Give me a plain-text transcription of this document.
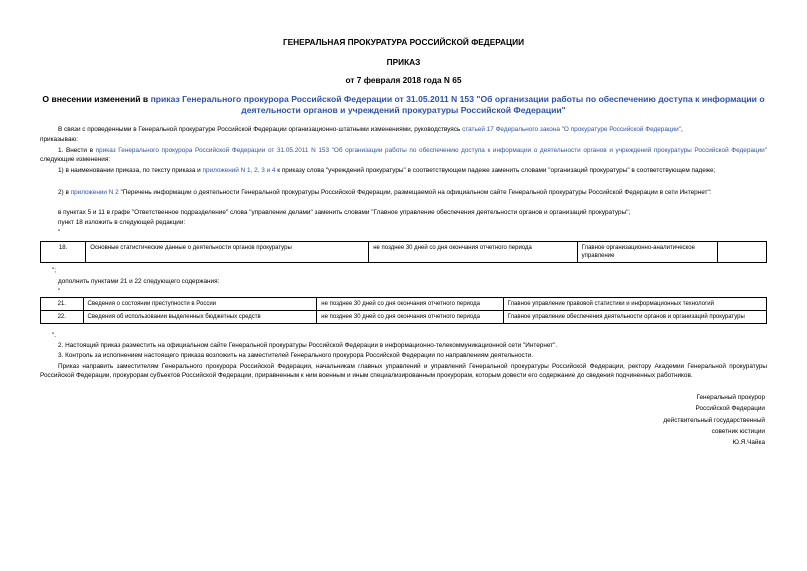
ГЕНЕРАЛЬНАЯ ПРОКУРАТУРА РОССИЙСКОЙ ФЕДЕРАЦИИ
ПРИКАЗ
от 7 февраля 2018 года N 65
О внесении изменений в приказ Генерального прокурора Российской Федерации от 31.05.2011 N 153 "Об организации работы по обеспечению доступа к информации о деятельности органов и учреждений прокуратуры Российской Федерации"
В связи с проведенными в Генеральной прокуратуре Российской Федерации организационно-штатными изменениями, руководствуясь статьей 17 Федерального закона "О прокуратуре Российской Федерации",
приказываю:
1. Внести в приказ Генерального прокурора Российской Федерации от 31.05.2011 N 153 "Об организации работы по обеспечению доступа к информации о деятельности органов и учреждений прокуратуры Российской Федерации" следующие изменения:
1) в наименовании приказа, по тексту приказа и приложений N 1, 2, 3 и 4 к приказу слова "учреждений прокуратуры" в соответствующем падеже заменить словами "организаций прокуратуры" в соответствующем падеже;
2) в приложении N 2 "Перечень информации о деятельности Генеральной прокуратуры Российской Федерации, размещаемой на официальном сайте Генеральной прокуратуры Российской Федерации в сети Интернет":
в пунктах 5 и 11 в графе "Ответственное подразделение" слова "управление делами" заменить словами "Главное управление обеспечения деятельности органов и организаций прокуратуры";
пункт 18 изложить в следующей редакции:
"
18.	Основные статистические данные о деятельности органов прокуратуры	не позднее 30 дней со дня окончания отчетного периода	Главное организационно-аналитическое управление	
";
дополнить пунктами 21 и 22 следующего содержания:
"
21.	Сведения о состоянии преступности в России	не позднее 30 дней со дня окончания отчетного периода	Главное управление правовой статистики и информационных технологий
22.	Сведения об использовании выделенных бюджетных средств	не позднее 30 дней со дня окончания отчетного периода	Главное управление обеспечения деятельности органов и организаций прокуратуры
".
2. Настоящий приказ разместить на официальном сайте Генеральной прокуратуры Российской Федерации в информационно-телекоммуникационной сети "Интернет".
3. Контроль за исполнением настоящего приказа возложить на заместителей Генерального прокурора Российской Федерации по направлениям деятельности.
Приказ направить заместителям Генерального прокурора Российской Федерации, начальникам главных управлений и управлений Генеральной прокуратуры Российской Федерации, ректору Академии Генеральной прокуратуры Российской Федерации, прокурорам субъектов Российской Федерации, приравненным к ним военным и иным специализированным прокурорам, которым довести его содержание до сведения подчиненных работников.
Генеральный прокурор
Российской Федерации
действительный государственный
советник юстиции
Ю.Я.Чайка
